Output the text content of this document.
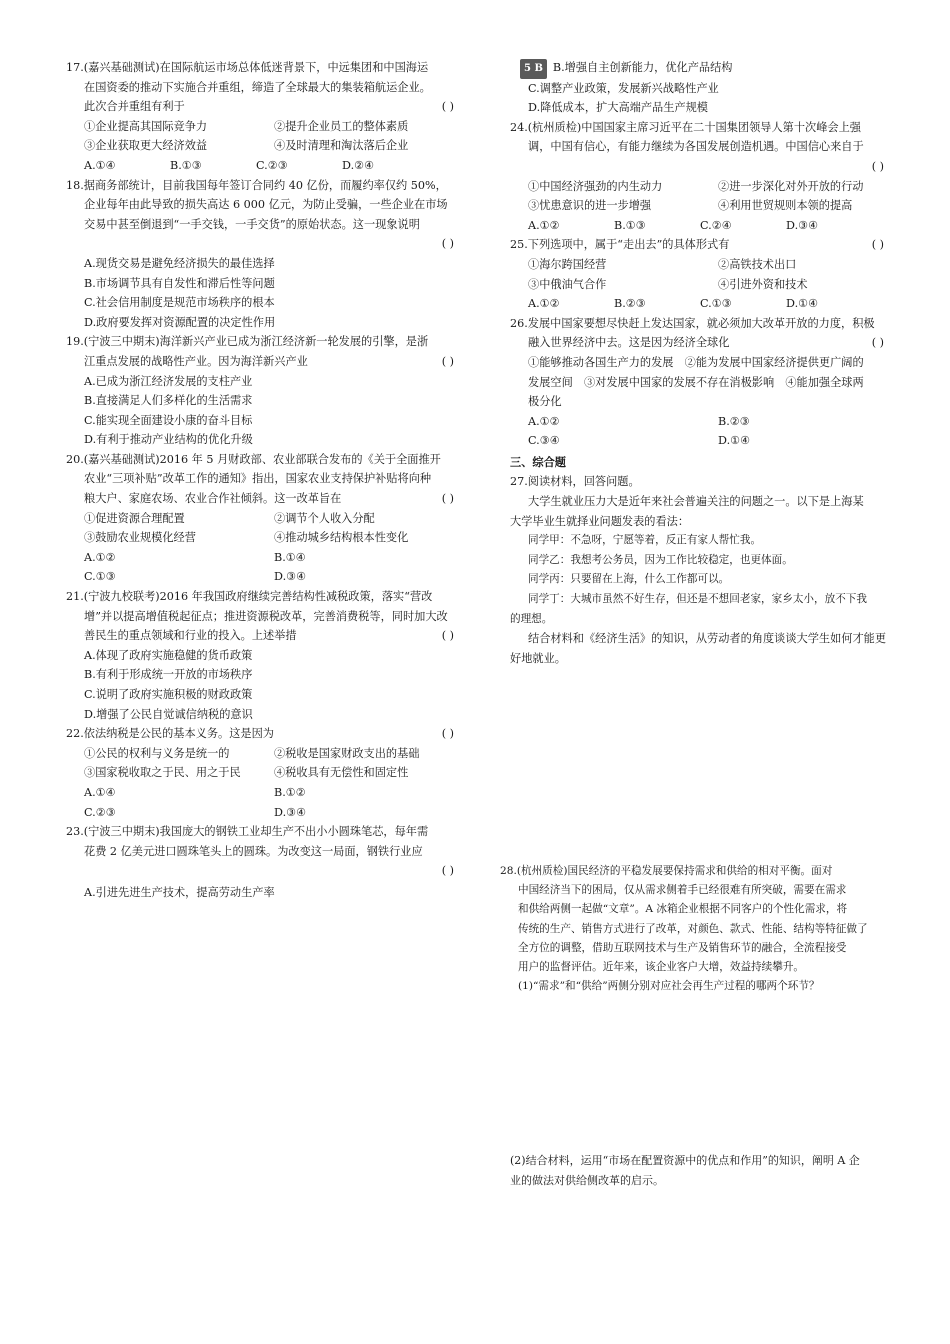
17.(嘉兴基础测试)在国际航运市场总体低迷背景下，中远集团和中国海运
在国资委的推动下实施合并重组，缔造了全球最大的集装箱航运企业。
此次合并重组有利于	( )
①企业提高其国际竞争力	②提升企业员工的整体素质
③企业获取更大经济效益	④及时清理和淘汰落后企业
A.①④	B.①③	C.②③	D.②④
18.据商务部统计，目前我国每年签订合同约 40 亿份，而履约率仅约 50%，
企业每年由此导致的损失高达 6 000 亿元，为防止受骗，一些企业在市场
交易中甚至倒退到“一手交钱，一手交货”的原始状态。这一现象说明
( )

A.现货交易是避免经济损失的最佳选择
B.市场调节具有自发性和滞后性等问题
C.社会信用制度是规范市场秩序的根本
D.政府要发挥对资源配置的决定性作用
19.(宁波三中期末)海洋新兴产业已成为浙江经济新一轮发展的引擎，是浙
江重点发展的战略性产业。因为海洋新兴产业	( )
A.已成为浙江经济发展的支柱产业
B.直接满足人们多样化的生活需求
C.能实现全面建设小康的奋斗目标
D.有利于推动产业结构的优化升级
20.(嘉兴基础测试)2016 年 5 月财政部、农业部联合发布的《关于全面推开
农业“三项补贴”改革工作的通知》指出，国家农业支持保护补贴将向种
粮大户、家庭农场、农业合作社倾斜。这一改革旨在	( )
①促进资源合理配置	②调节个人收入分配
③鼓励农业规模化经营	④推动城乡结构根本性变化
A.①②	B.①④
C.①③	D.③④
21.(宁波九校联考)2016 年我国政府继续完善结构性减税政策，落实“营改
增”并以提高增值税起征点；推进资源税改革，完善消费税等，同时加大改
善民生的重点领域和行业的投入。上述举措	( )
A.体现了政府实施稳健的货币政策
B.有利于形成统一开放的市场秩序
C.说明了政府实施积极的财政政策
D.增强了公民自觉诚信纳税的意识
22.依法纳税是公民的基本义务。这是因为	( )
①公民的权利与义务是统一的	②税收是国家财政支出的基础
③国家税收取之于民、用之于民	④税收具有无偿性和固定性
A.①④	B.①②
C.②③	D.③④
23.(宁波三中期末)我国庞大的钢铁工业却生产不出小小圆珠笔芯，每年需
花费 2 亿美元进口圆珠笔头上的圆珠。为改变这一局面，钢铁行业应
( )

A.引进先进生产技术，提高劳动生产率
5 B B.增强自主创新能力，优化产品结构
C.调整产业政策，发展新兴战略性产业
D.降低成本，扩大高端产品生产规模
24.(杭州质检)中国国家主席习近平在二十国集团领导人第十次峰会上强
调，中国有信心，有能力继续为各国发展创造机遇。中国信心来自于
( )

①中国经济强劲的内生动力	②进一步深化对外开放的行动
③忧患意识的进一步增强	④利用世贸规则本领的提高
A.①②	B.①③	C.②④	D.③④
25.下列选项中，属于“走出去”的具体形式有	( )
①海尔跨国经营	②高铁技术出口
③中俄油气合作	④引进外资和技术
A.①②	B.②③	C.①③	D.①④
26.发展中国家要想尽快赶上发达国家，就必须加大改革开放的力度，积极
融入世界经济中去。这是因为经济全球化	( )
①能够推动各国生产力的发展　②能为发展中国家经济提供更广阔的
发展空间　③对发展中国家的发展不存在消极影响　④能加强全球两
极分化
A.①②	B.②③
C.③④	D.①④
三、综合题
27.阅读材料，回答问题。
大学生就业压力大是近年来社会普遍关注的问题之一。以下是上海某
大学毕业生就择业问题发表的看法：
同学甲：不急呀，宁愿等着，反正有家人帮忙我。
同学乙：我想考公务员，因为工作比较稳定，也更体面。
同学丙：只要留在上海，什么工作都可以。
同学丁：大城市虽然不好生存，但还是不想回老家，家乡太小，放不下我
的理想。
结合材料和《经济生活》的知识，从劳动者的角度谈谈大学生如何才能更
好地就业。
28.(杭州质检)国民经济的平稳发展要保持需求和供给的相对平衡。面对
中国经济当下的困局，仅从需求侧着手已经很难有所突破，需要在需求
和供给两侧一起做“文章”。A 冰箱企业根据不同客户的个性化需求，将
传统的生产、销售方式进行了改革，对颜色、款式、性能、结构等特征做了
全方位的调整，借助互联网技术与生产及销售环节的融合，全流程接受
用户的监督评估。近年来，该企业客户大增，效益持续攀升。
(1)“需求”和“供给”两侧分别对应社会再生产过程的哪两个环节？
(2)结合材料，运用“市场在配置资源中的优点和作用”的知识，阐明 A 企
业的做法对供给侧改革的启示。
